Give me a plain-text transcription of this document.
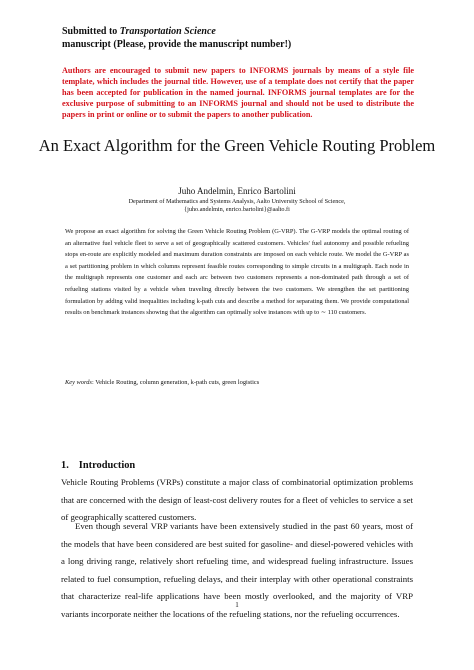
Submitted to Transportation Science
manuscript (Please, provide the manuscript number!)
Authors are encouraged to submit new papers to INFORMS journals by means of a style file template, which includes the journal title. However, use of a template does not certify that the paper has been accepted for publication in the named journal. INFORMS journal templates are for the exclusive purpose of submitting to an INFORMS journal and should not be used to distribute the papers in print or online or to submit the papers to another publication.
An Exact Algorithm for the Green Vehicle Routing Problem
Juho Andelmin, Enrico Bartolini
Department of Mathematics and Systems Analysis, Aalto University School of Science,
{juho.andelmin, enrico.bartolini}@aalto.fi
We propose an exact algorithm for solving the Green Vehicle Routing Problem (G-VRP). The G-VRP models the optimal routing of an alternative fuel vehicle fleet to serve a set of geographically scattered customers. Vehicles' fuel autonomy and possible refueling stops en-route are explicitly modeled and maximum duration constraints are imposed on each vehicle route. We model the G-VRP as a set partitioning problem in which columns represent feasible routes corresponding to simple circuits in a multigraph. Each node in the multigraph represents one customer and each arc between two customers represents a non-dominated path through a set of refueling stations visited by a vehicle when traveling directly between the two customers. We strengthen the set partitioning formulation by adding valid inequalities including k-path cuts and describe a method for separating them. We provide computational results on benchmark instances showing that the algorithm can optimally solve instances with up to ∼ 110 customers.
Key words: Vehicle Routing, column generation, k-path cuts, green logistics
1. Introduction
Vehicle Routing Problems (VRPs) constitute a major class of combinatorial optimization problems that are concerned with the design of least-cost delivery routes for a fleet of vehicles to service a set of geographically scattered customers.
Even though several VRP variants have been extensively studied in the past 60 years, most of the models that have been considered are best suited for gasoline- and diesel-powered vehicles with a long driving range, relatively short refueling time, and widespread fueling infrastructure. Issues related to fuel consumption, refueling delays, and their interplay with other operational constraints that characterize real-life applications have been mostly overlooked, and the majority of VRP variants incorporate neither the locations of the refueling stations, nor the refueling occurrences.
1
